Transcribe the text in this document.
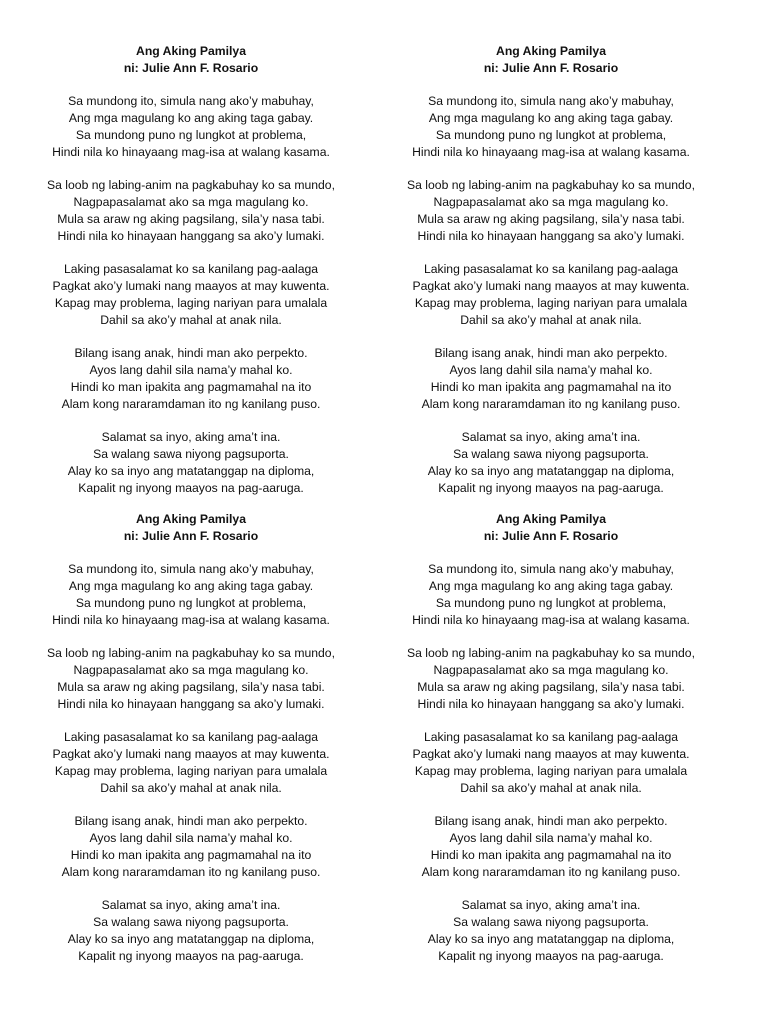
Ang Aking Pamilya
ni: Julie Ann F. Rosario
Sa mundong ito, simula nang ako’y mabuhay,
Ang mga magulang ko ang aking taga gabay.
Sa mundong puno ng lungkot at problema,
Hindi nila ko hinayaang mag-isa at walang kasama.
Sa loob ng labing-anim na pagkabuhay ko sa mundo,
Nagpapasalamat ako sa mga magulang ko.
Mula sa araw ng aking pagsilang, sila’y nasa tabi.
Hindi nila ko hinayaan hanggang sa ako’y lumaki.
Laking pasasalamat ko sa kanilang pag-aalaga
Pagkat ako’y lumaki nang maayos at may kuwenta.
Kapag may problema, laging nariyan para umalala
Dahil sa ako’y mahal at anak nila.
Bilang isang anak, hindi man ako perpekto.
Ayos lang dahil sila nama’y mahal ko.
Hindi ko man ipakita ang pagmamahal na ito
Alam kong nararamdaman ito ng kanilang puso.
Salamat sa inyo, aking ama’t ina.
Sa walang sawa niyong pagsuporta.
Alay ko sa inyo ang matatanggap na diploma,
Kapalit ng inyong maayos na pag-aaruga.
Ang Aking Pamilya
ni: Julie Ann F. Rosario
Sa mundong ito, simula nang ako’y mabuhay,
Ang mga magulang ko ang aking taga gabay.
Sa mundong puno ng lungkot at problema,
Hindi nila ko hinayaang mag-isa at walang kasama.
Sa loob ng labing-anim na pagkabuhay ko sa mundo,
Nagpapasalamat ako sa mga magulang ko.
Mula sa araw ng aking pagsilang, sila’y nasa tabi.
Hindi nila ko hinayaan hanggang sa ako’y lumaki.
Laking pasasalamat ko sa kanilang pag-aalaga
Pagkat ako’y lumaki nang maayos at may kuwenta.
Kapag may problema, laging nariyan para umalala
Dahil sa ako’y mahal at anak nila.
Bilang isang anak, hindi man ako perpekto.
Ayos lang dahil sila nama’y mahal ko.
Hindi ko man ipakita ang pagmamahal na ito
Alam kong nararamdaman ito ng kanilang puso.
Salamat sa inyo, aking ama’t ina.
Sa walang sawa niyong pagsuporta.
Alay ko sa inyo ang matatanggap na diploma,
Kapalit ng inyong maayos na pag-aaruga.
Ang Aking Pamilya
ni: Julie Ann F. Rosario
Sa mundong ito, simula nang ako’y mabuhay,
Ang mga magulang ko ang aking taga gabay.
Sa mundong puno ng lungkot at problema,
Hindi nila ko hinayaang mag-isa at walang kasama.
Sa loob ng labing-anim na pagkabuhay ko sa mundo,
Nagpapasalamat ako sa mga magulang ko.
Mula sa araw ng aking pagsilang, sila’y nasa tabi.
Hindi nila ko hinayaan hanggang sa ako’y lumaki.
Laking pasasalamat ko sa kanilang pag-aalaga
Pagkat ako’y lumaki nang maayos at may kuwenta.
Kapag may problema, laging nariyan para umalala
Dahil sa ako’y mahal at anak nila.
Bilang isang anak, hindi man ako perpekto.
Ayos lang dahil sila nama’y mahal ko.
Hindi ko man ipakita ang pagmamahal na ito
Alam kong nararamdaman ito ng kanilang puso.
Salamat sa inyo, aking ama’t ina.
Sa walang sawa niyong pagsuporta.
Alay ko sa inyo ang matatanggap na diploma,
Kapalit ng inyong maayos na pag-aaruga.
Ang Aking Pamilya
ni: Julie Ann F. Rosario
Sa mundong ito, simula nang ako’y mabuhay,
Ang mga magulang ko ang aking taga gabay.
Sa mundong puno ng lungkot at problema,
Hindi nila ko hinayaang mag-isa at walang kasama.
Sa loob ng labing-anim na pagkabuhay ko sa mundo,
Nagpapasalamat ako sa mga magulang ko.
Mula sa araw ng aking pagsilang, sila’y nasa tabi.
Hindi nila ko hinayaan hanggang sa ako’y lumaki.
Laking pasasalamat ko sa kanilang pag-aalaga
Pagkat ako’y lumaki nang maayos at may kuwenta.
Kapag may problema, laging nariyan para umalala
Dahil sa ako’y mahal at anak nila.
Bilang isang anak, hindi man ako perpekto.
Ayos lang dahil sila nama’y mahal ko.
Hindi ko man ipakita ang pagmamahal na ito
Alam kong nararamdaman ito ng kanilang puso.
Salamat sa inyo, aking ama’t ina.
Sa walang sawa niyong pagsuporta.
Alay ko sa inyo ang matatanggap na diploma,
Kapalit ng inyong maayos na pag-aaruga.
